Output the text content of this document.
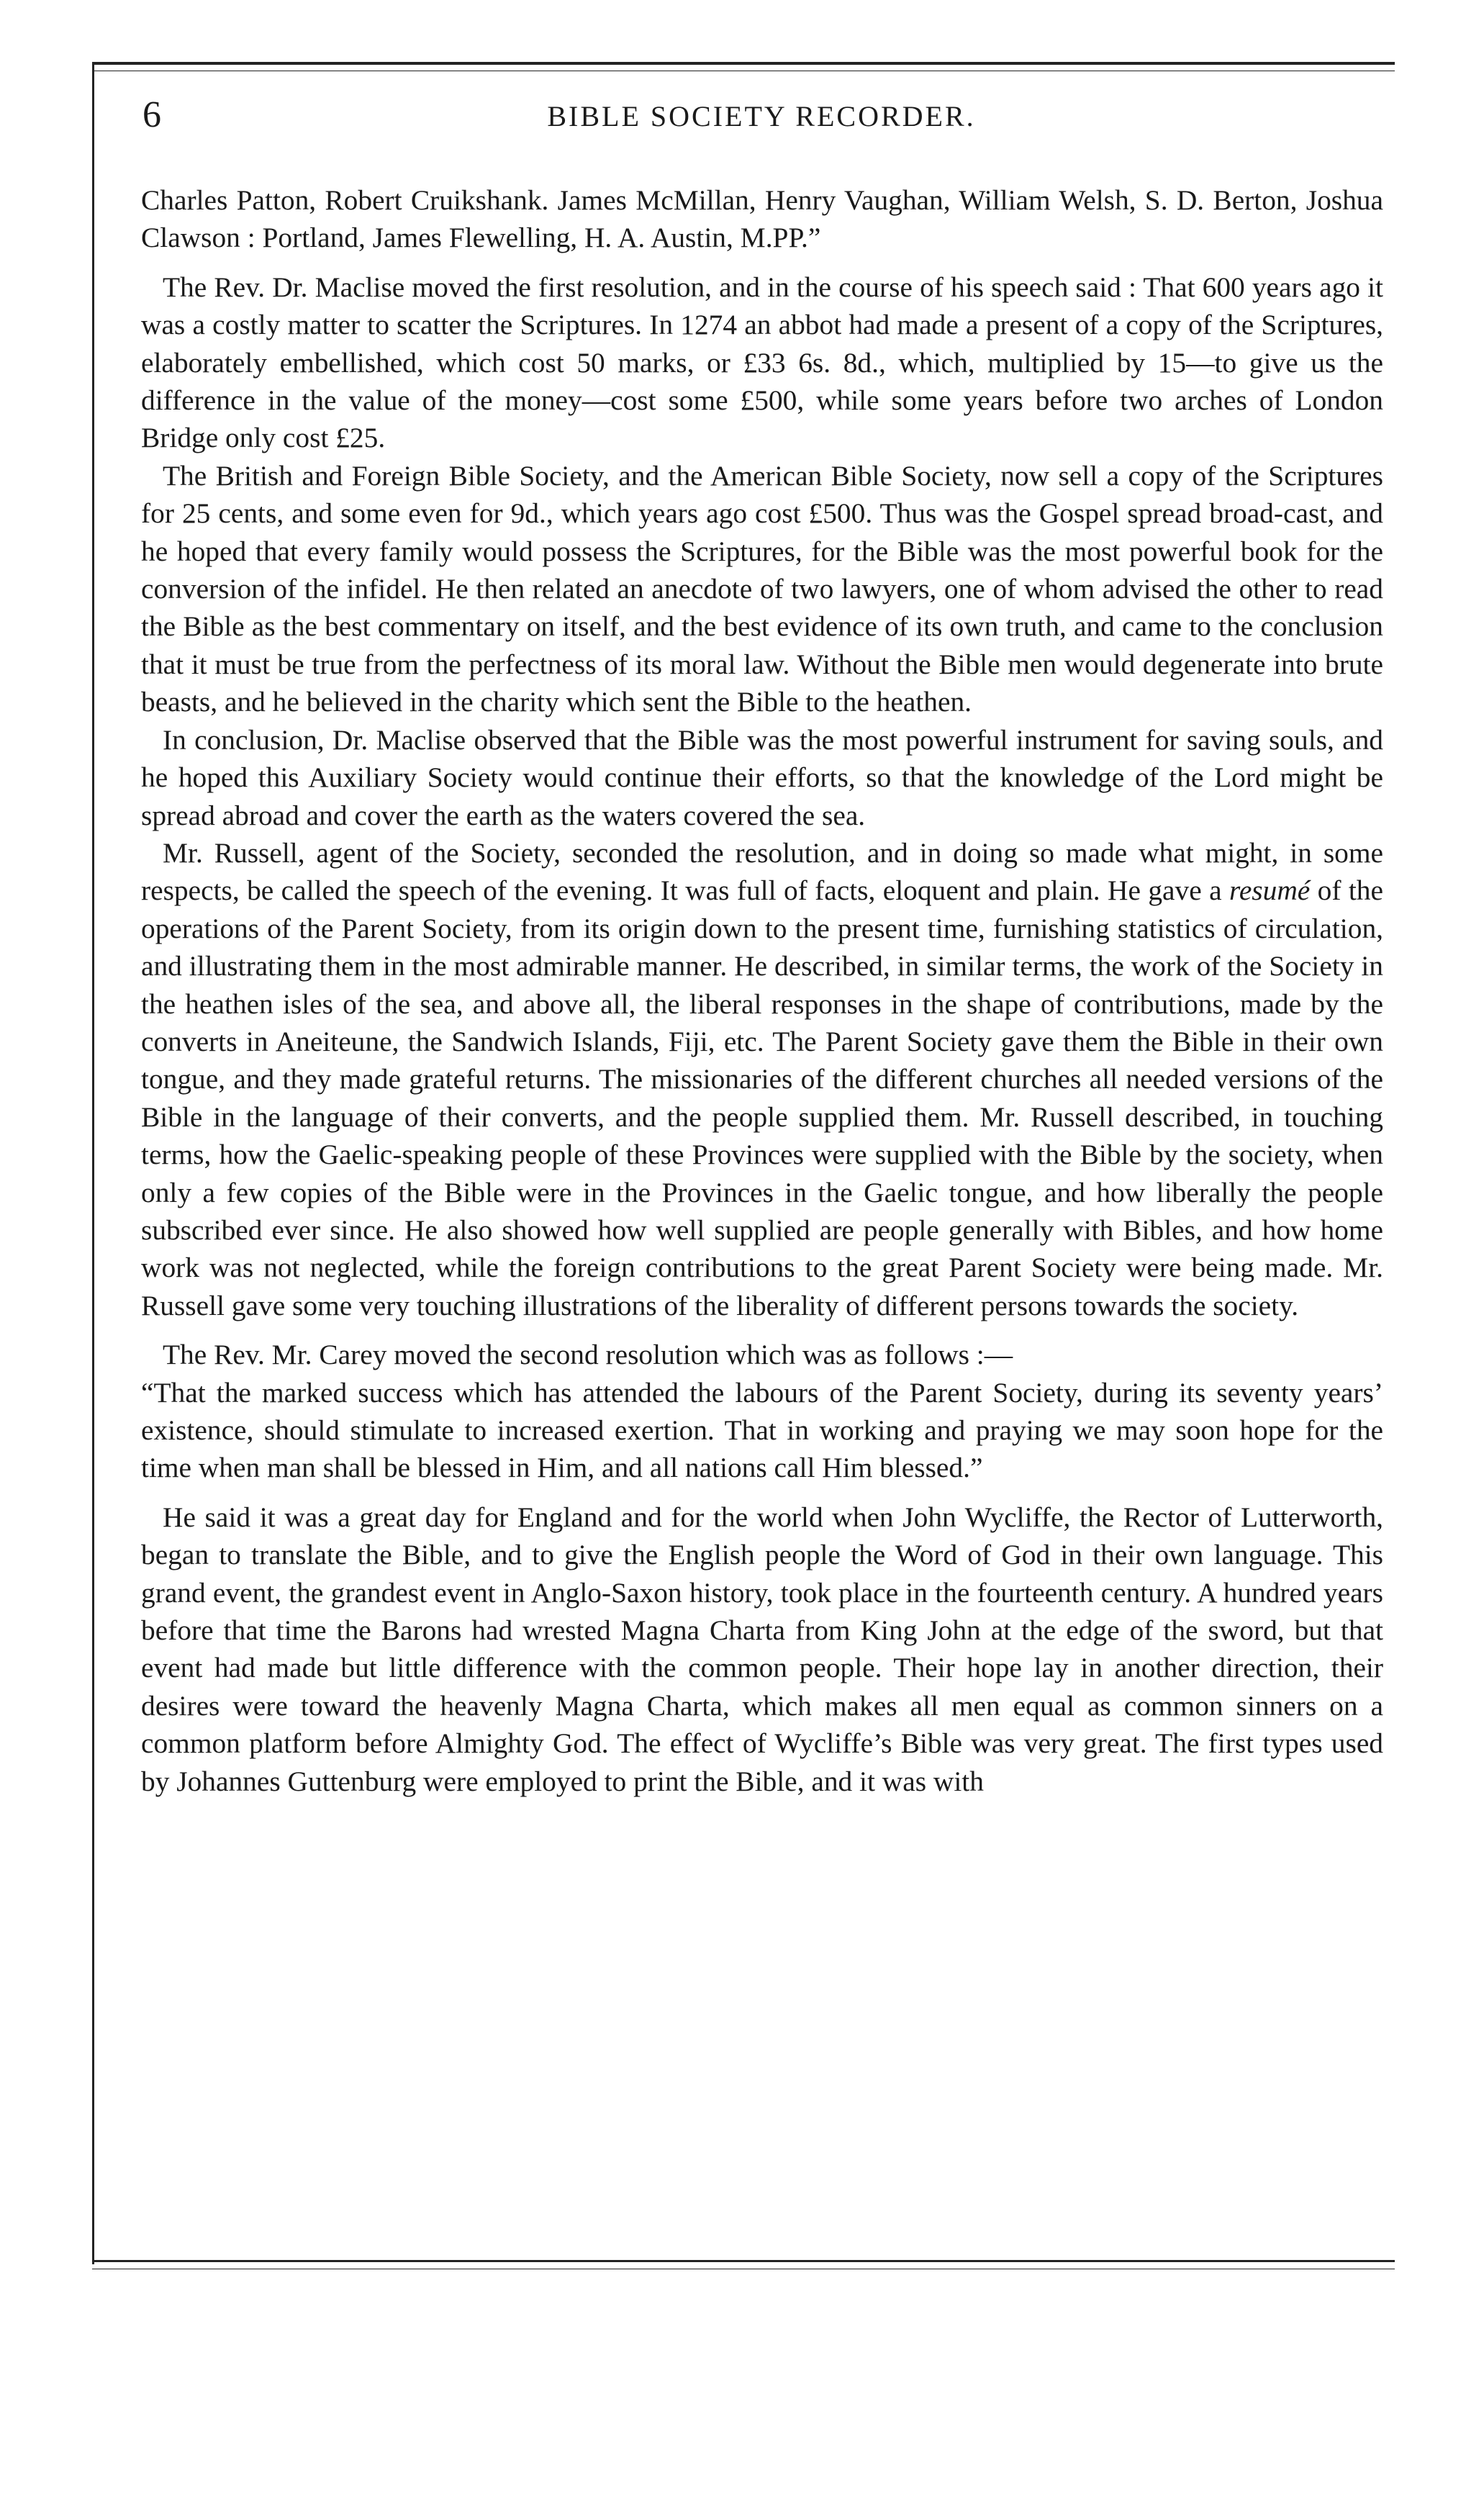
6	BIBLE SOCIETY RECORDER.

Charles Patton, Robert Cruikshank. James McMillan, Henry Vaughan, William Welsh, S. D. Berton, Joshua Clawson : Portland, James Flewelling, H. A. Austin, M.PP.”

The Rev. Dr. Maclise moved the first resolution, and in the course of his speech said : That 600 years ago it was a costly matter to scatter the Scriptures. In 1274 an abbot had made a present of a copy of the Scriptures, elaborately embellished, which cost 50 marks, or £33 6s. 8d., which, multiplied by 15—to give us the difference in the value of the money—cost some £500, while some years before two arches of London Bridge only cost £25.

The British and Foreign Bible Society, and the American Bible Society, now sell a copy of the Scriptures for 25 cents, and some even for 9d., which years ago cost £500. Thus was the Gospel spread broad-cast, and he hoped that every family would possess the Scriptures, for the Bible was the most powerful book for the conversion of the infidel. He then related an anecdote of two lawyers, one of whom advised the other to read the Bible as the best commentary on itself, and the best evidence of its own truth, and came to the conclusion that it must be true from the perfectness of its moral law. Without the Bible men would degenerate into brute beasts, and he believed in the charity which sent the Bible to the heathen.

In conclusion, Dr. Maclise observed that the Bible was the most powerful instrument for saving souls, and he hoped this Auxiliary Society would continue their efforts, so that the knowledge of the Lord might be spread abroad and cover the earth as the waters covered the sea.

Mr. Russell, agent of the Society, seconded the resolution, and in doing so made what might, in some respects, be called the speech of the evening. It was full of facts, eloquent and plain. He gave a resumé of the operations of the Parent Society, from its origin down to the present time, furnishing statistics of circulation, and illustrating them in the most admirable manner. He described, in similar terms, the work of the Society in the heathen isles of the sea, and above all, the liberal responses in the shape of contributions, made by the converts in Aneiteune, the Sandwich Islands, Fiji, etc. The Parent Society gave them the Bible in their own tongue, and they made grateful returns. The missionaries of the different churches all needed versions of the Bible in the language of their converts, and the people supplied them. Mr. Russell described, in touching terms, how the Gaelic-speaking people of these Provinces were supplied with the Bible by the society, when only a few copies of the Bible were in the Provinces in the Gaelic tongue, and how liberally the people subscribed ever since. He also showed how well supplied are people generally with Bibles, and how home work was not neglected, while the foreign contributions to the great Parent Society were being made. Mr. Russell gave some very touching illustrations of the liberality of different persons towards the society.

The Rev. Mr. Carey moved the second resolution which was as follows :—

“That the marked success which has attended the labours of the Parent Society, during its seventy years’ existence, should stimulate to increased exertion. That in working and praying we may soon hope for the time when man shall be blessed in Him, and all nations call Him blessed.”

He said it was a great day for England and for the world when John Wycliffe, the Rector of Lutterworth, began to translate the Bible, and to give the English people the Word of God in their own language. This grand event, the grandest event in Anglo-Saxon history, took place in the fourteenth century. A hundred years before that time the Barons had wrested Magna Charta from King John at the edge of the sword, but that event had made but little difference with the common people. Their hope lay in another direction, their desires were toward the heavenly Magna Charta, which makes all men equal as common sinners on a common platform before Almighty God. The effect of Wycliffe’s Bible was very great. The first types used by Johannes Guttenburg were employed to print the Bible, and it was with
